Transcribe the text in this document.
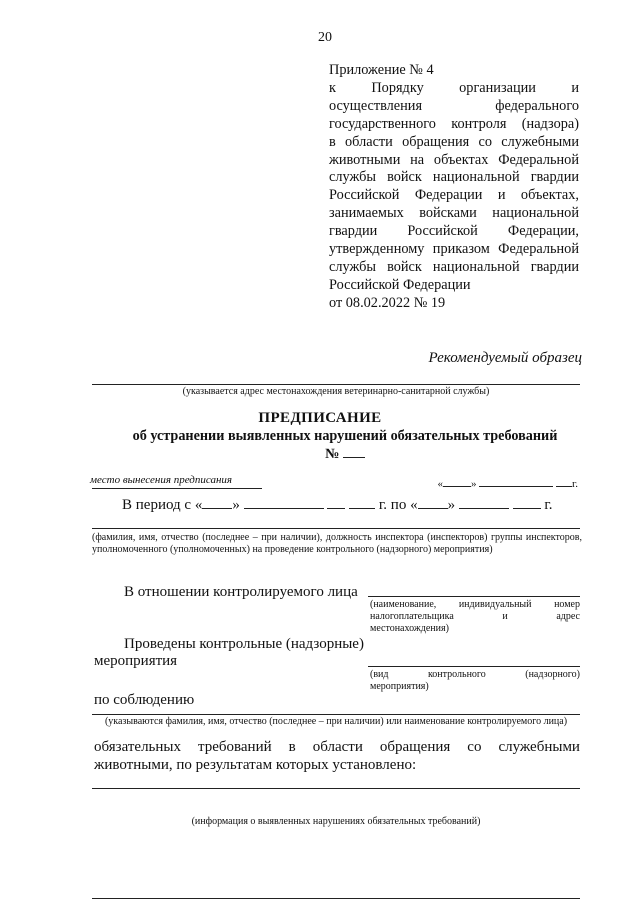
20
Приложение № 4
к Порядку организации и
осуществления	федерального
государственного контроля (надзора)
в области обращения со служебными
животными на объектах Федеральной
службы войск национальной гвардии
Российской Федерации и объектах,
занимаемых войсками национальной
гвардии Российской Федерации,
утвержденному приказом Федеральной
службы войск национальной гвардии
Российской Федерации
от 08.02.2022 № 19
Рекомендуемый образец
(указывается адрес местонахождения ветеринарно-санитарной службы)
ПРЕДПИСАНИЕ
об устранении выявленных нарушений обязательных требований
№
место вынесения предписания	«	»	г.
В период с « »	г. по « »	г.
(фамилия, имя, отчество (последнее – при наличии), должность инспектора (инспекторов) группы инспекторов, уполномоченного (уполномоченных) на проведение контрольного (надзорного) мероприятия)
В отношении контролируемого лица
(наименование, индивидуальный номер
налогоплательщика	и	адрес
местонахождения)
Проведены контрольные (надзорные)
мероприятия
(вид	контрольного	(надзорного)
мероприятия)
по соблюдению
(указываются фамилия, имя, отчество (последнее – при наличии) или наименование контролируемого лица)
обязательных требований в области обращения со служебными
животными, по результатам которых установлено:
(информация о выявленных нарушениях обязательных требований)
